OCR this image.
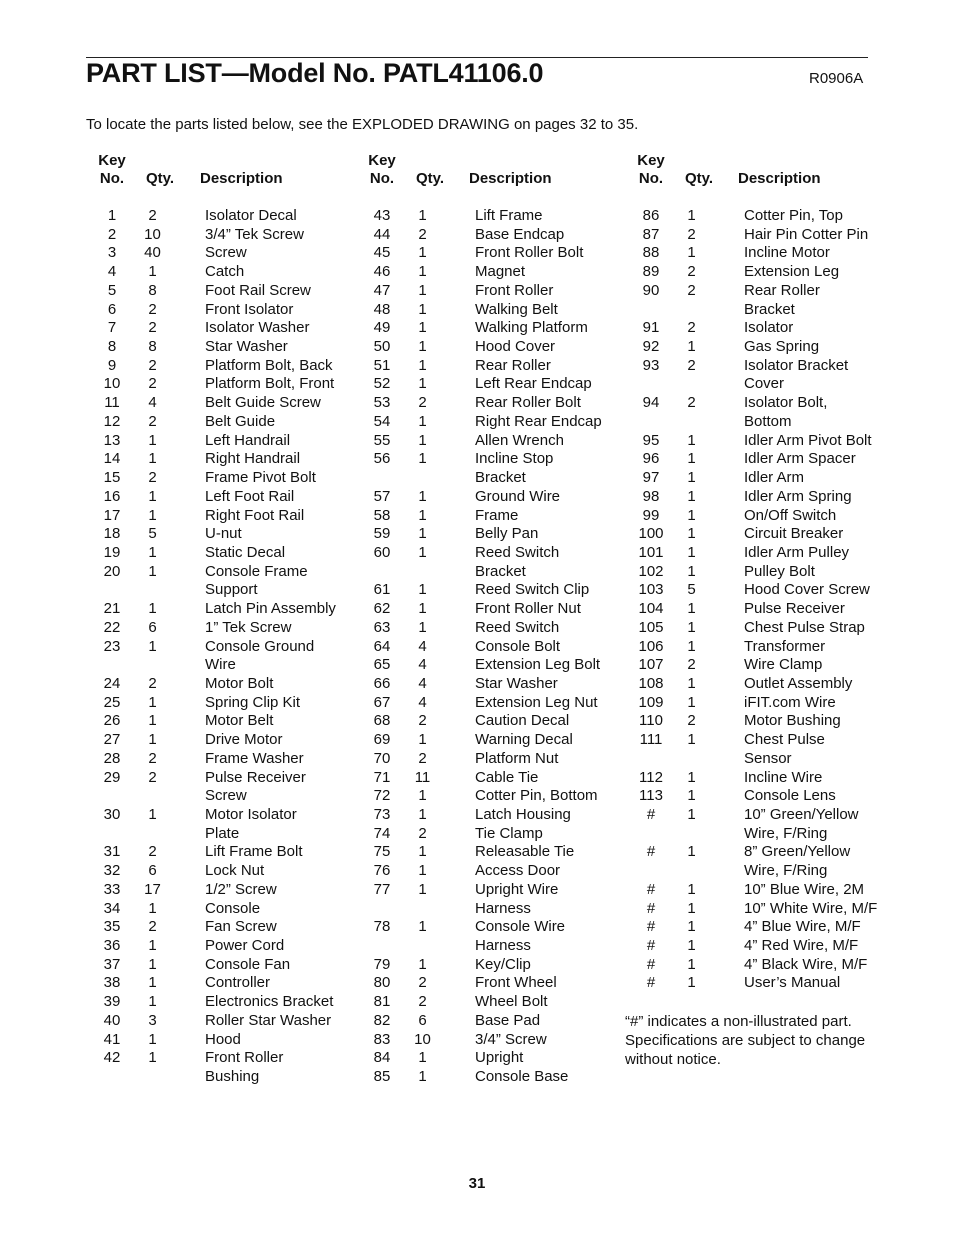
PART LIST—Model No. PATL41106.0	R0906A
To locate the parts listed below, see the EXPLODED DRAWING on pages 32 to 35.
Key
No.	Qty. Description
Key
No.	Qty. Description
Key
No.	Qty. Description
1	2	Isolator Decal
2	10	3/4” Tek Screw
3	40	Screw
4	1	Catch
5	8	Foot Rail Screw
6	2	Front Isolator
7	2	Isolator Washer
8	8	Star Washer
9	2	Platform Bolt, Back
10	2	Platform Bolt, Front
11	4	Belt Guide Screw
12	2	Belt Guide
13	1	Left Handrail
14	1	Right Handrail
15	2	Frame Pivot Bolt
16	1	Left Foot Rail
17	1	Right Foot Rail
18	5	U-nut
19	1	Static Decal
20	1	Console Frame
Support
21	1	Latch Pin Assembly
22	6	1” Tek Screw
23	1	Console Ground
Wire
24	2	Motor Bolt
25	1	Spring Clip Kit
26	1	Motor Belt
27	1	Drive Motor
28	2	Frame Washer
29	2	Pulse Receiver
Screw
30	1	Motor Isolator
Plate
31	2	Lift Frame Bolt
32	6	Lock Nut
33	17	1/2” Screw
34	1	Console
35	2	Fan Screw
36	1	Power Cord
37	1	Console Fan
38	1	Controller
39	1	Electronics Bracket
40	3	Roller Star Washer
41	1	Hood
42	1	Front Roller
Bushing
43	1	Lift Frame
44	2	Base Endcap
45	1	Front Roller Bolt
46	1	Magnet
47	1	Front Roller
48	1	Walking Belt
49	1	Walking Platform
50	1	Hood Cover
51	1	Rear Roller
52	1	Left Rear Endcap
53	2	Rear Roller Bolt
54	1	Right Rear Endcap
55	1	Allen Wrench
56	1	Incline Stop
Bracket
57	1	Ground Wire
58	1	Frame
59	1	Belly Pan
60	1	Reed Switch
Bracket
61	1	Reed Switch Clip
62	1	Front Roller Nut
63	1	Reed Switch
64	4	Console Bolt
65	4	Extension Leg Bolt
66	4	Star Washer
67	4	Extension Leg Nut
68	2	Caution Decal
69	1	Warning Decal
70	2	Platform Nut
71	11	Cable Tie
72	1	Cotter Pin, Bottom
73	1	Latch Housing
74	2	Tie Clamp
75	1	Releasable Tie
76	1	Access Door
77	1	Upright Wire
Harness
78	1	Console Wire
Harness
79	1	Key/Clip
80	2	Front Wheel
81	2	Wheel Bolt
82	6	Base Pad
83	10	3/4” Screw
84	1	Upright
85	1	Console Base
86	1	Cotter Pin, Top
87	2	Hair Pin Cotter Pin
88	1	Incline Motor
89	2	Extension Leg
90	2	Rear Roller
Bracket
91	2	Isolator
92	1	Gas Spring
93	2	Isolator Bracket
Cover
94	2	Isolator Bolt,
Bottom
95	1	Idler Arm Pivot Bolt
96	1	Idler Arm Spacer
97	1	Idler Arm
98	1	Idler Arm Spring
99	1	On/Off Switch
100	1	Circuit Breaker
101	1	Idler Arm Pulley
102	1	Pulley Bolt
103	5	Hood Cover Screw
104	1	Pulse Receiver
105	1	Chest Pulse Strap
106	1	Transformer
107	2	Wire Clamp
108	1	Outlet Assembly
109	1	iFIT.com Wire
110	2	Motor Bushing
111	1	Chest Pulse
Sensor
112	1	Incline Wire
113	1	Console Lens
#	1	10” Green/Yellow
Wire, F/Ring
#	1	8” Green/Yellow
Wire, F/Ring
#	1	10” Blue Wire, 2M
#	1	10” White Wire, M/F
#	1	4” Blue Wire, M/F
#	1	4” Red Wire, M/F
#	1	4” Black Wire, M/F
#	1	User’s Manual
“#” indicates a non-illustrated part.
Specifications are subject to change
without notice.
31
